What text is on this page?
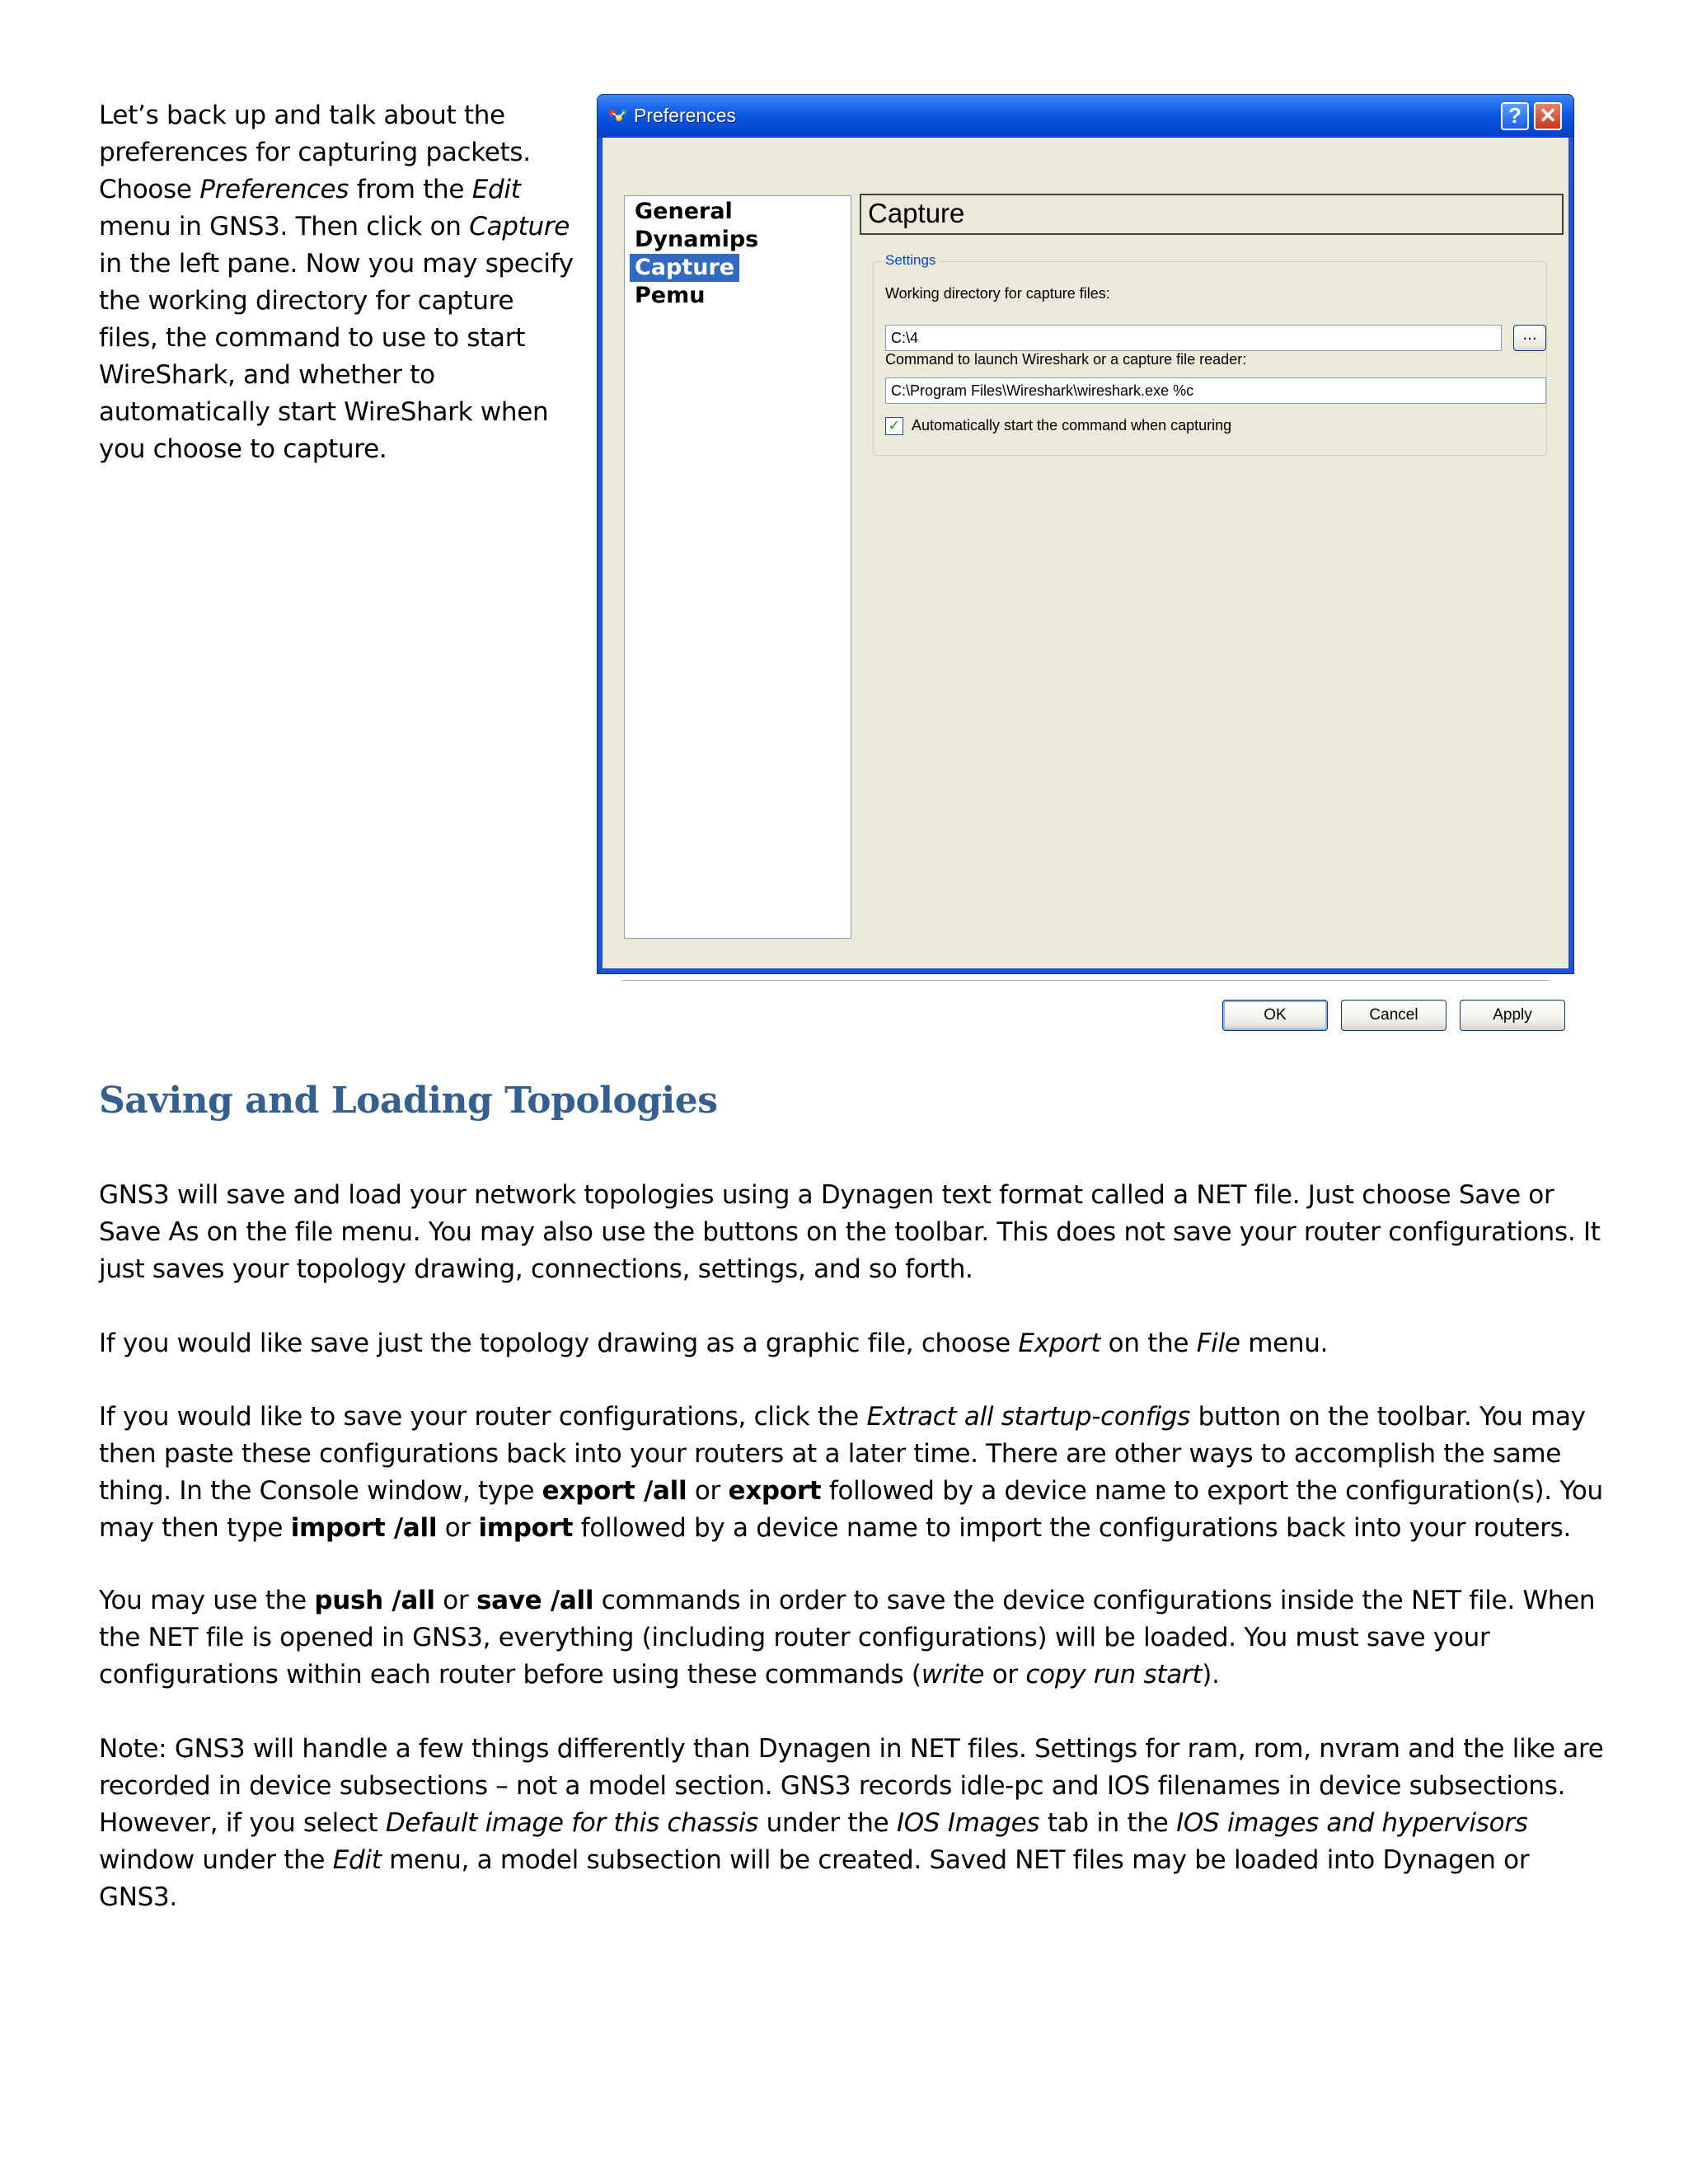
Let’s back up and talk about the preferences for capturing packets. Choose Preferences from the Edit menu in GNS3. Then click on Capture in the left pane. Now you may specify the working directory for capture files, the command to use to start WireShark, and whether to automatically start WireShark when you choose to capture.

Preferences	? ✕
General
Dynamips
Capture
Pemu
Capture
Settings
Working directory for capture files:
C:\4	...
Command to launch Wireshark or a capture file reader:
C:\Program Files\Wireshark\wireshark.exe %c
✓ Automatically start the command when capturing
OK	Cancel	Apply
Saving and Loading Topologies

GNS3 will save and load your network topologies using a Dynagen text format called a NET file. Just choose Save or Save As on the file menu. You may also use the buttons on the toolbar. This does not save your router configurations. It just saves your topology drawing, connections, settings, and so forth.

If you would like save just the topology drawing as a graphic file, choose Export on the File menu.

If you would like to save your router configurations, click the Extract all startup-configs button on the toolbar. You may then paste these configurations back into your routers at a later time. There are other ways to accomplish the same thing. In the Console window, type export /all or export followed by a device name to export the configuration(s). You may then type import /all or import followed by a device name to import the configurations back into your routers.

You may use the push /all or save /all commands in order to save the device configurations inside the NET file. When the NET file is opened in GNS3, everything (including router configurations) will be loaded. You must save your configurations within each router before using these commands (write or copy run start).

Note: GNS3 will handle a few things differently than Dynagen in NET files. Settings for ram, rom, nvram and the like are recorded in device subsections – not a model section. GNS3 records idle-pc and IOS filenames in device subsections. However, if you select Default image for this chassis under the IOS Images tab in the IOS images and hypervisors window under the Edit menu, a model subsection will be created. Saved NET files may be loaded into Dynagen or GNS3.
